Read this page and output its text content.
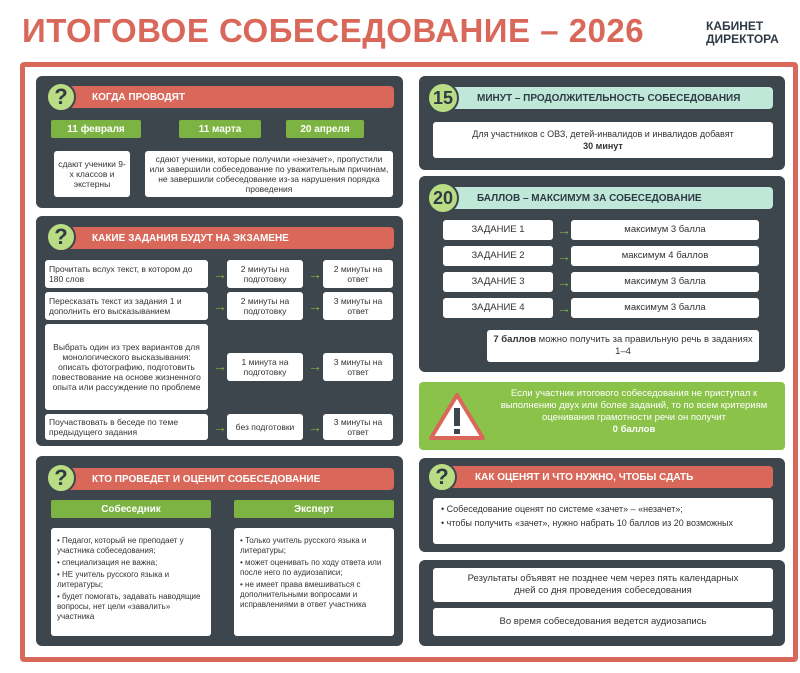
ИТОГОВОЕ СОБЕСЕДОВАНИЕ – 2026	КАБИНЕТ
ДИРЕКТОРА
КОГДА ПРОВОДЯТ
?
11 февраля	11 марта	20 апреля
сдают ученики 9-х классов и экстерны
сдают ученики, которые получили «незачет», пропустили или завершили собеседование по уважительным причинам, не завершили собеседование из-за нарушения порядка проведения
КАКИЕ ЗАДАНИЯ БУДУТ НА ЭКЗАМЕНЕ
?
Прочитать вслух текст, в котором до 180 слов	→	2 минуты на подготовку	→	2 минуты на ответ
Пересказать текст из задания 1 и дополнить его высказыванием	→	2 минуты на подготовку	→	3 минуты на ответ
Выбрать один из трех вариантов для монологического высказывания: описать фотографию, подготовить повествование на основе жизненного опыта или рассуждение по проблеме
→	1 минута на подготовку	→	3 минуты на ответ
Поучаствовать в беседе по теме предыдущего задания	→	без подготовки →	3 минуты на ответ
КТО ПРОВЕДЕТ И ОЦЕНИТ СОБЕСЕДОВАНИЕ
?
Собеседник	Эксперт
• Педагог, который не преподает у участника собеседования;
• специализация не важна;
• НЕ учитель русского языка и литературы;
• будет помогать, задавать наводящие вопросы, нет цели «завалить» участника
• Только учитель русского языка и литературы;
• может оценивать по ходу ответа или после него по аудиозаписи;
• не имеет права вмешиваться с дополнительными вопросами и исправлениями в ответ участника
МИНУТ – ПРОДОЛЖИТЕЛЬНОСТЬ СОБЕСЕДОВАНИЯ
15
Для участников с ОВЗ, детей-инвалидов и инвалидов добавят
30 минут
БАЛЛОВ – МАКСИМУМ ЗА СОБЕСЕДОВАНИЕ
20
ЗАДАНИЕ 1	→	максимум 3 балла
ЗАДАНИЕ 2	→	максимум 4 баллов
ЗАДАНИЕ 3	→	максимум 3 балла
ЗАДАНИЕ 4	→	максимум 3 балла
7 баллов можно получить за правильную речь в заданиях 1–4
Если участник итогового собеседования не приступал к выполнению двух или более заданий, то по всем критериям оценивания грамотности речи он получит
0 баллов
КАК ОЦЕНЯТ И ЧТО НУЖНО, ЧТОБЫ СДАТЬ
?
• Собеседование оценят по системе «зачет» – «незачет»;
• чтобы получить «зачет», нужно набрать 10 баллов из 20 возможных
Результаты объявят не позднее чем через пять календарных дней со дня проведения собеседования
Во время собеседования ведется аудиозапись
